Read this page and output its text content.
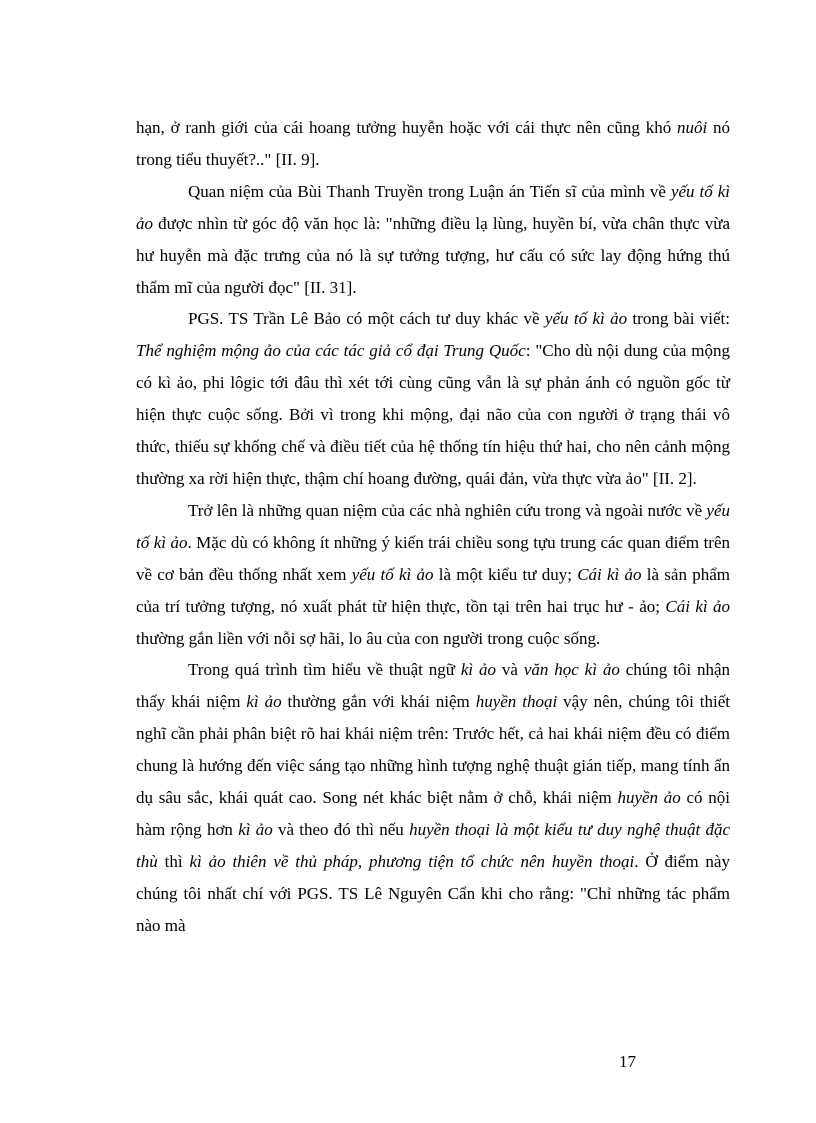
hạn, ở ranh giới của cái hoang tưởng huyễn hoặc với cái thực nên cũng khó nuôi nó trong tiểu thuyết?.." [II. 9].

Quan niệm của Bùi Thanh Truyền trong Luận án Tiến sĩ của mình về yếu tố kì ảo được nhìn từ góc độ văn học là: "những điều lạ lùng, huyền bí, vừa chân thực vừa hư huyễn mà đặc trưng của nó là sự tưởng tượng, hư cấu có sức lay động hứng thú thẩm mĩ của người đọc" [II. 31].

PGS. TS Trần Lê Bảo có một cách tư duy khác về yếu tố kì ảo trong bài viết: Thể nghiệm mộng ảo của các tác giả cổ đại Trung Quốc: "Cho dù nội dung của mộng có kì ảo, phi lôgic tới đâu thì xét tới cùng cũng vẫn là sự phản ánh có nguồn gốc từ hiện thực cuộc sống. Bởi vì trong khi mộng, đại não của con người ở trạng thái vô thức, thiếu sự khống chế và điều tiết của hệ thống tín hiệu thứ hai, cho nên cảnh mộng thường xa rời hiện thực, thậm chí hoang đường, quái đản, vừa thực vừa ảo" [II. 2].

Trở lên là những quan niệm của các nhà nghiên cứu trong và ngoài nước về yếu tố kì ảo. Mặc dù có không ít những ý kiến trái chiều song tựu trung các quan điểm trên về cơ bản đều thống nhất xem yếu tố kì ảo là một kiểu tư duy; Cái kì ảo là sản phẩm của trí tưởng tượng, nó xuất phát từ hiện thực, tồn tại trên hai trục hư - ảo; Cái kì ảo thường gắn liền với nỗi sợ hãi, lo âu của con người trong cuộc sống.

Trong quá trình tìm hiểu về thuật ngữ kì ảo và văn học kì ảo chúng tôi nhận thấy khái niệm kì ảo thường gắn với khái niệm huyền thoại vậy nên, chúng tôi thiết nghĩ cần phải phân biệt rõ hai khái niệm trên: Trước hết, cả hai khái niệm đều có điểm chung là hướng đến việc sáng tạo những hình tượng nghệ thuật gián tiếp, mang tính ẩn dụ sâu sắc, khái quát cao. Song nét khác biệt nằm ở chỗ, khái niệm huyền ảo có nội hàm rộng hơn kì ảo và theo đó thì nếu huyền thoại là một kiểu tư duy nghệ thuật đặc thù thì kì ảo thiên về thủ pháp, phương tiện tổ chức nên huyền thoại. Ở điểm này chúng tôi nhất chí với PGS. TS Lê Nguyên Cẩn khi cho rằng: "Chỉ những tác phẩm nào mà

17
